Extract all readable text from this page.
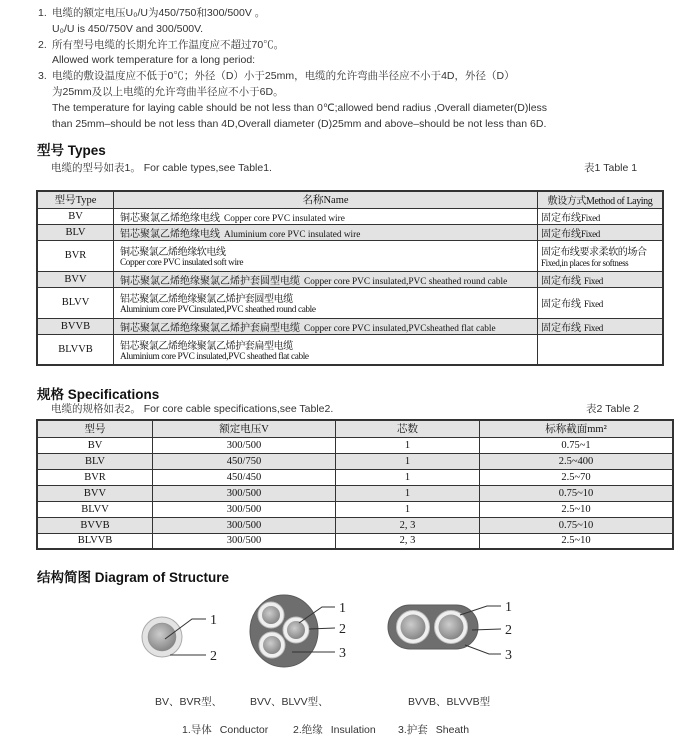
1. 电缆的额定电压U₀/U为450/750和300/500V 。
U₀/U is 450/750V and 300/500V.
2. 所有型号电缆的长期允许工作温度应不超过70℃。
Allowed work temperature for a long period:
3. 电缆的敷设温度应不低于0℃；外径（D）小于25mm，电缆的允许弯曲半径应不小于4D，外径（D）
为25mm及以上电缆的允许弯曲半径应不小于6D。
The temperature for laying cable should be not less than 0℃;allowed bend radius ,Overall diameter(D)less
than 25mm–should be not less than 4D,Overall diameter (D)25mm and above–should be not less than 6D.
型号 Types
电缆的型号如表1。 For cable types,see Table1.	表1 Table 1
型号Type	名称Name	敷设方式Method of Laying
BV	铜芯聚氯乙烯绝缘电线 Copper core PVC insulated wire	固定布线Fixed
BLV	铝芯聚氯乙烯绝缘电线 Aluminium core PVC insulated wire	固定布线Fixed
BVR	铜芯聚氯乙烯绝缘软电线
Copper core PVC insulated soft wire	固定布线要求柔软的场合
Fixed,in places for softness

BVV	铜芯聚氯乙烯绝缘聚氯乙烯护套圆型电缆 Copper core PVC insulated,PVC sheathed round cable	固定布线 Fixed
BLVV	铝芯聚氯乙烯绝缘聚氯乙烯护套圆型电缆
Aluminium core PVCinsulated,PVC sheathed round cable	固定布线 Fixed
BVVB	铜芯聚氯乙烯绝缘聚氯乙烯护套扁型电缆 Copper core PVC insulated,PVCsheathed flat cable	固定布线 Fixed
BLVVB	铝芯聚氯乙烯绝缘聚氯乙烯护套扁型电缆
Aluminium core PVC insulated,PVC sheathed flat cable	

规格 Specifications
电缆的规格如表2。 For core cable specifications,see Table2.	表2 Table 2
型号	额定电压V	芯数	标称截面mm²
BV	300/500	1	0.75~1
BLV	450/750	1	2.5~400
BVR	450/450	1	2.5~70
BVV	300/500	1	0.75~10
BLVV	300/500	1	2.5~10
BVVB	300/500	2, 3	0.75~10
BLVVB	300/500	2, 3	2.5~10
结构简图 Diagram of Structure
1
2
1
2
3
1
2
3
BV、BVR型、	BVV、BLVV型、	BVVB、BLVVB型
1.导体 Conductor 2.绝缘 Insulation 3.护套 Sheath
